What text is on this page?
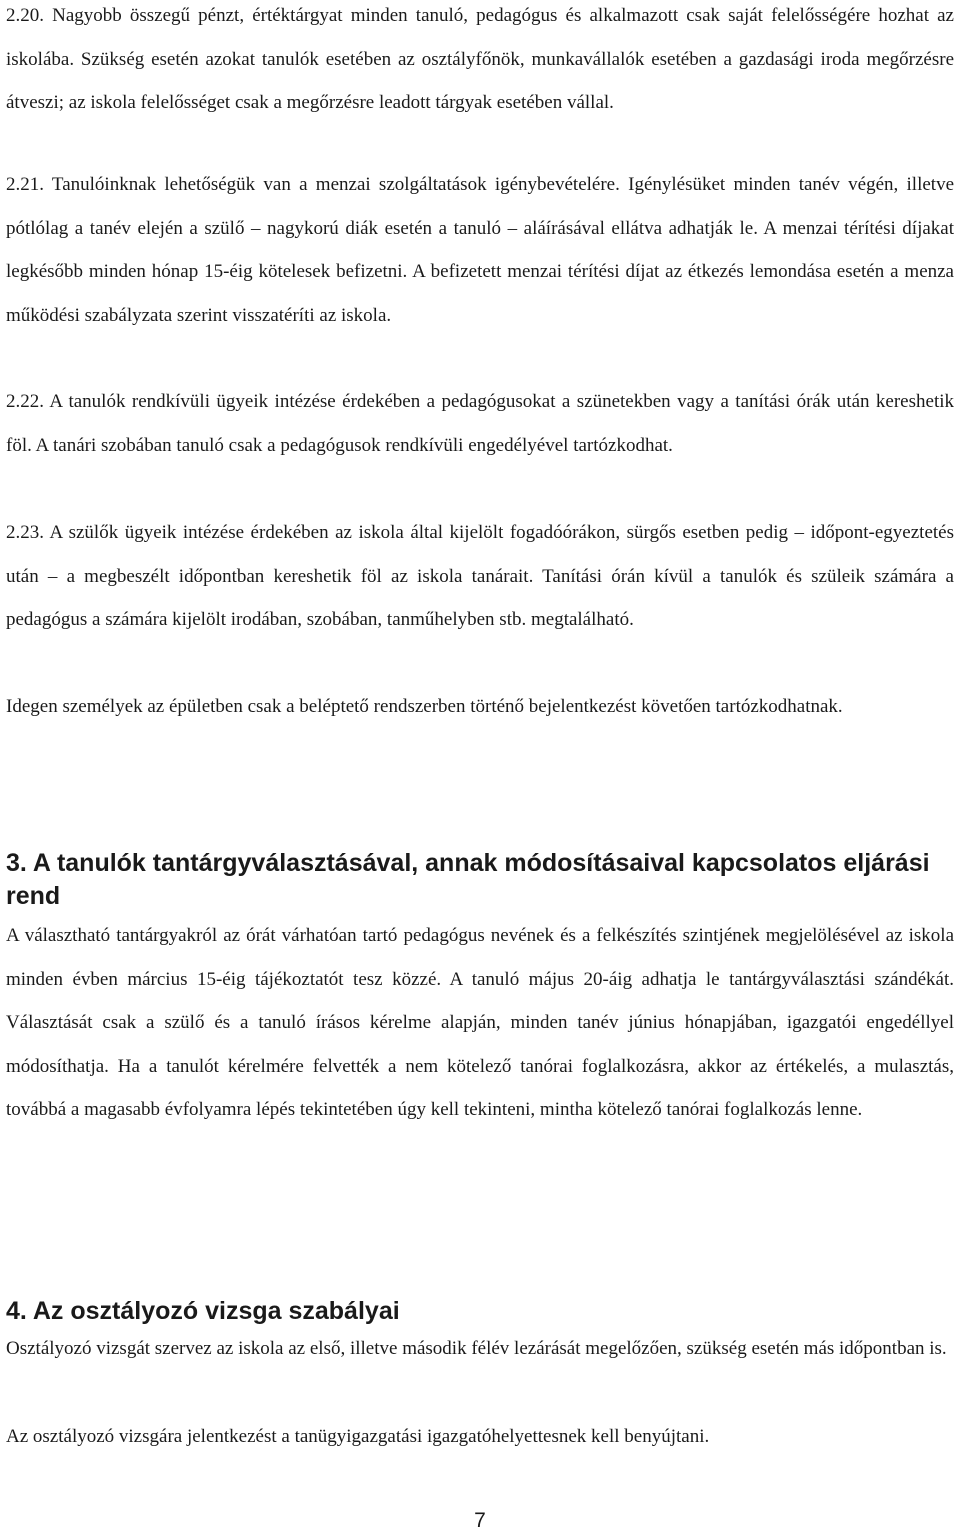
2.20. Nagyobb összegű pénzt, értéktárgyat minden tanuló, pedagógus és alkalmazott csak saját felelősségére hozhat az iskolába. Szükség esetén azokat tanulók esetében az osztályfőnök, munkavállalók esetében a gazdasági iroda megőrzésre átveszi; az iskola felelősséget csak a megőrzésre leadott tárgyak esetében vállal.

2.21. Tanulóinknak lehetőségük van a menzai szolgáltatások igénybevételére. Igénylésüket minden tanév végén, illetve pótlólag a tanév elején a szülő – nagykorú diák esetén a tanuló – aláírásával ellátva adhatják le. A menzai térítési díjakat legkésőbb minden hónap 15-éig kötelesek befizetni. A befizetett menzai térítési díjat az étkezés lemondása esetén a menza működési szabályzata szerint visszatéríti az iskola.

2.22. A tanulók rendkívüli ügyeik intézése érdekében a pedagógusokat a szünetekben vagy a tanítási órák után kereshetik föl. A tanári szobában tanuló csak a pedagógusok rendkívüli engedélyével tartózkodhat.

2.23. A szülők ügyeik intézése érdekében az iskola által kijelölt fogadóórákon, sürgős esetben pedig – időpont-egyeztetés után – a megbeszélt időpontban kereshetik föl az iskola tanárait. Tanítási órán kívül a tanulók és szüleik számára a pedagógus a számára kijelölt irodában, szobában, tanműhelyben stb. megtalálható.

Idegen személyek az épületben csak a beléptető rendszerben történő bejelentkezést követően tartózkodhatnak.

3. A tanulók tantárgyválasztásával, annak módosításaival kapcsolatos eljárási rend

A választható tantárgyakról az órát várhatóan tartó pedagógus nevének és a felkészítés szintjének megjelölésével az iskola minden évben március 15-éig tájékoztatót tesz közzé. A tanuló május 20-áig adhatja le tantárgyválasztási szándékát. Választását csak a szülő és a tanuló írásos kérelme alapján, minden tanév június hónapjában, igazgatói engedéllyel módosíthatja. Ha a tanulót kérelmére felvették a nem kötelező tanórai foglalkozásra, akkor az értékelés, a mulasztás, továbbá a magasabb évfolyamra lépés tekintetében úgy kell tekinteni, mintha kötelező tanórai foglalkozás lenne.

4. Az osztályozó vizsga szabályai

Osztályozó vizsgát szervez az iskola az első, illetve második félév lezárását megelőzően, szükség esetén más időpontban is.

Az osztályozó vizsgára jelentkezést a tanügyigazgatási igazgatóhelyettesnek kell benyújtani.

7
